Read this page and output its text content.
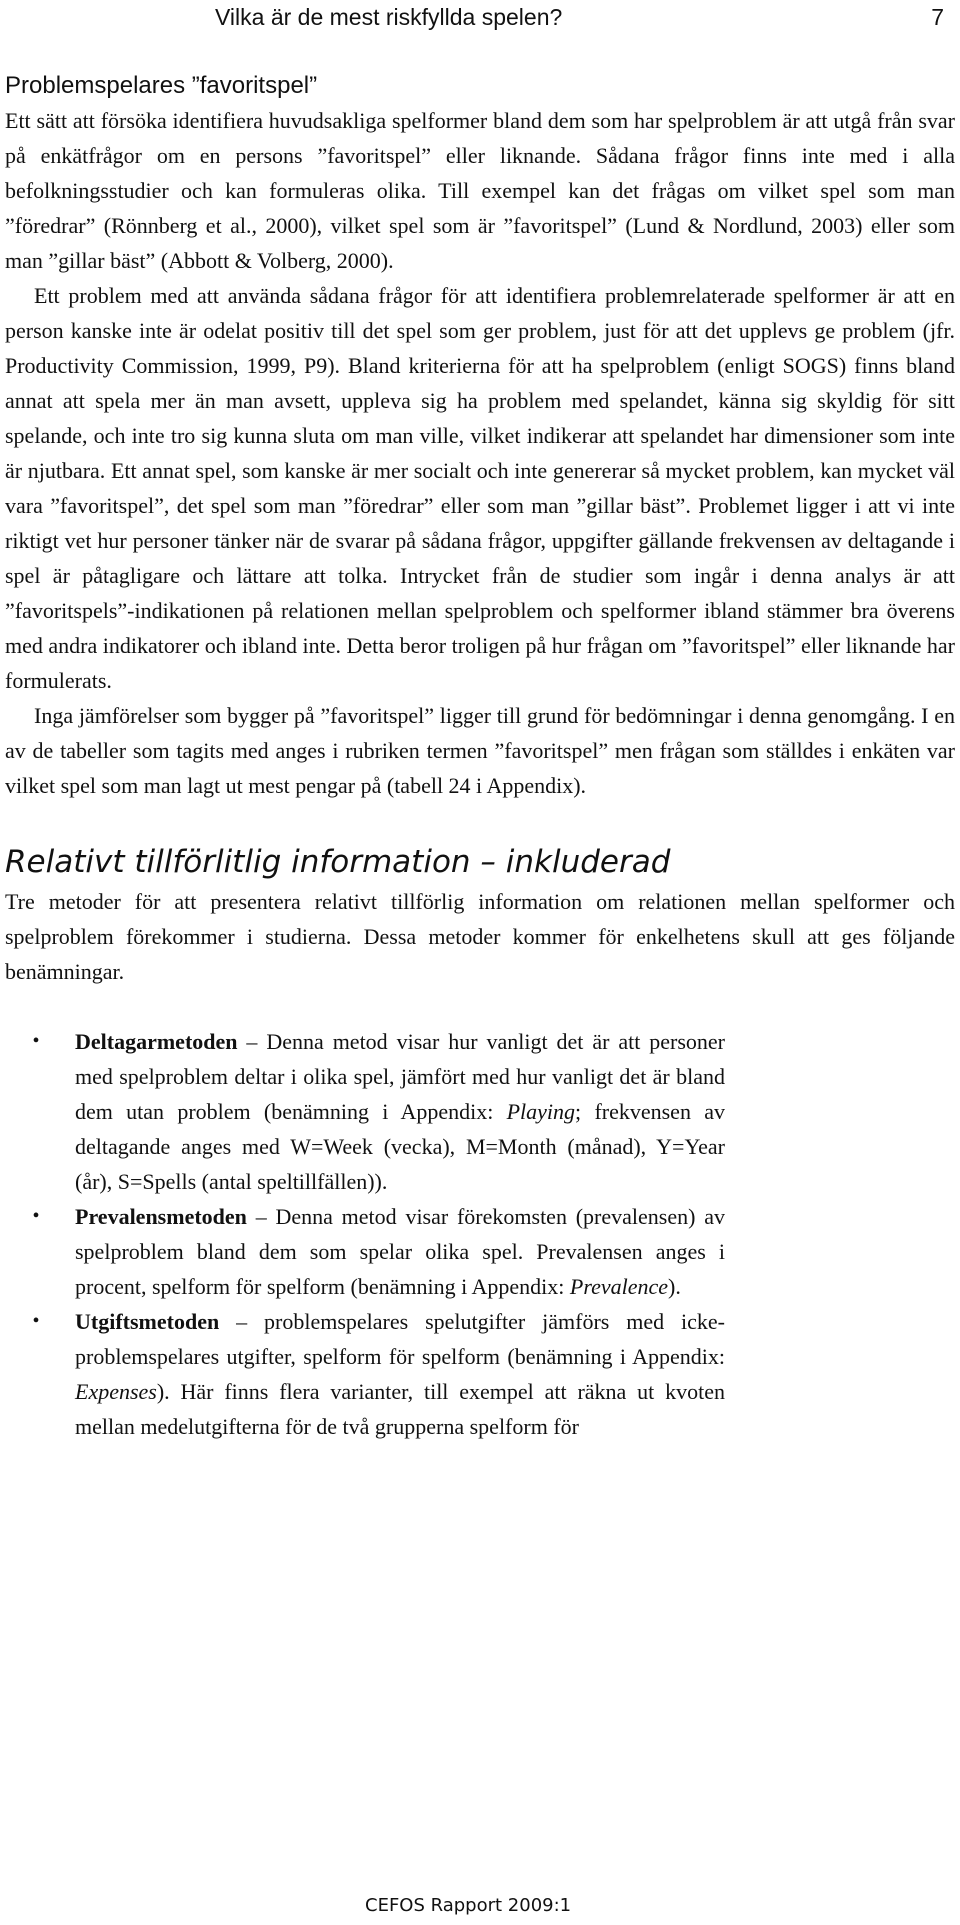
Vilka är de mest riskfyllda spelen?	7
Problemspelares ”favoritspel”

Ett sätt att försöka identifiera huvudsakliga spelformer bland dem som har spelproblem är att utgå från svar på enkätfrågor om en persons ”favoritspel” eller liknande. Sådana frågor finns inte med i alla befolkningsstudier och kan formuleras olika. Till exempel kan det frågas om vilket spel som man ”föredrar” (Rönnberg et al., 2000), vilket spel som är ”favoritspel” (Lund & Nordlund, 2003) eller som man ”gillar bäst” (Abbott & Volberg, 2000).

Ett problem med att använda sådana frågor för att identifiera problemrelaterade spelformer är att en person kanske inte är odelat positiv till det spel som ger problem, just för att det upplevs ge problem (jfr. Productivity Commission, 1999, P9). Bland kriterierna för att ha spelproblem (enligt SOGS) finns bland annat att spela mer än man avsett, uppleva sig ha problem med spelandet, känna sig skyldig för sitt spelande, och inte tro sig kunna sluta om man ville, vilket indikerar att spelandet har dimensioner som inte är njutbara. Ett annat spel, som kanske är mer socialt och inte genererar så mycket problem, kan mycket väl vara ”favoritspel”, det spel som man ”föredrar” eller som man ”gillar bäst”. Problemet ligger i att vi inte riktigt vet hur personer tänker när de svarar på sådana frågor, uppgifter gällande frekvensen av deltagande i spel är påtagligare och lättare att tolka. Intrycket från de studier som ingår i denna analys är att ”favoritspels”-indikationen på relationen mellan spelproblem och spelformer ibland stämmer bra överens med andra indikatorer och ibland inte. Detta beror troligen på hur frågan om ”favoritspel” eller liknande har formulerats.

Inga jämförelser som bygger på ”favoritspel” ligger till grund för bedömningar i denna genomgång. I en av de tabeller som tagits med anges i rubriken termen ”favoritspel” men frågan som ställdes i enkäten var vilket spel som man lagt ut mest pengar på (tabell 24 i Appendix).

Relativt tillförlitlig information – inkluderad

Tre metoder för att presentera relativt tillförlig information om relationen mellan spelformer och spelproblem förekommer i studierna. Dessa metoder kommer för enkelhetens skull att ges följande benämningar.

• Deltagarmetoden – Denna metod visar hur vanligt det är att personer med spelproblem deltar i olika spel, jämfört med hur vanligt det är bland dem utan problem (benämning i Appendix: Playing; frekvensen av deltagande anges med W=Week (vecka), M=Month (månad), Y=Year (år), S=Spells (antal speltillfällen)).
• Prevalensmetoden – Denna metod visar förekomsten (prevalensen) av spelproblem bland dem som spelar olika spel. Prevalensen anges i procent, spelform för spelform (benämning i Appendix: Prevalence).
• Utgiftsmetoden – problemspelares spelutgifter jämförs med icke-problemspelares utgifter, spelform för spelform (benämning i Appendix: Expenses). Här finns flera varianter, till exempel att räkna ut kvoten mellan medelutgifterna för de två grupperna spelform för
CEFOS Rapport 2009:1
